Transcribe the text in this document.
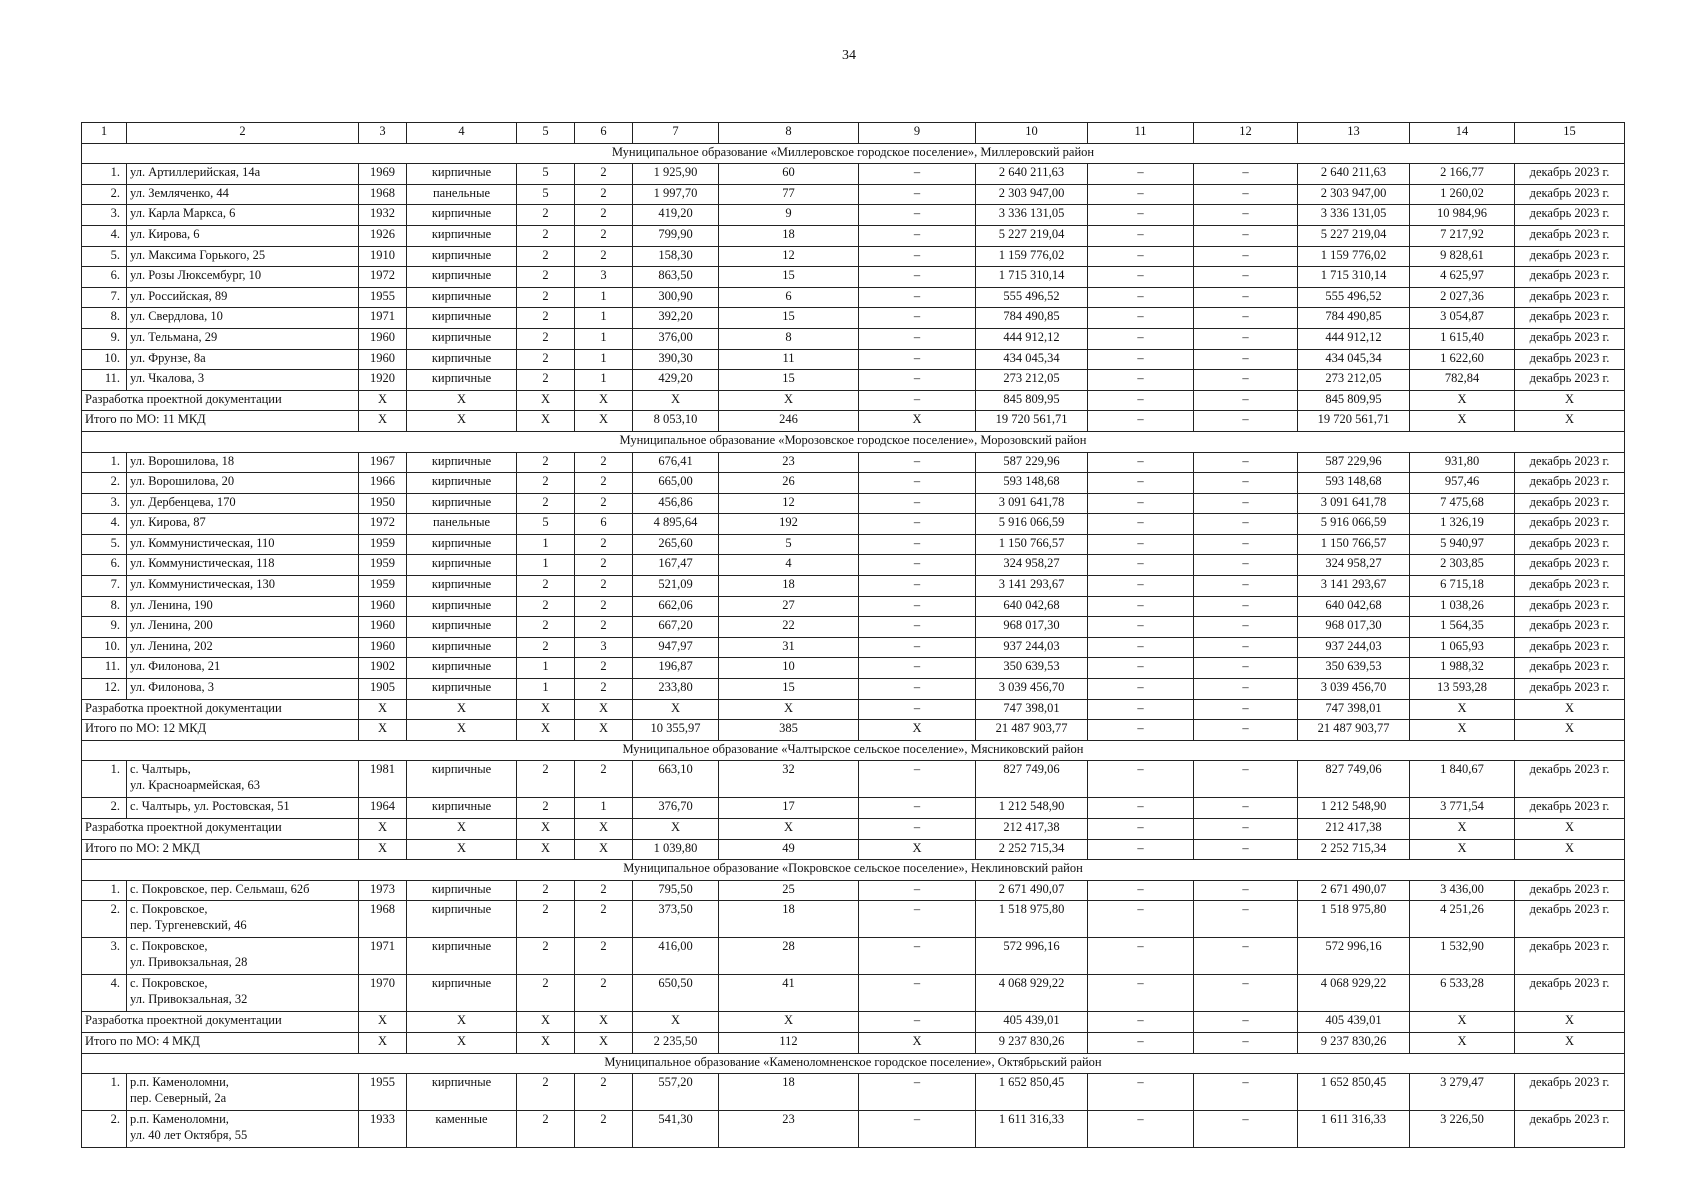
34
1	2	3	4	5	6	7	8	9	10	11	12	13	14	15
Муниципальное образование «Миллеровское городское поселение», Миллеровский район														
1.	ул. Артиллерийская, 14а	1969	кирпичные	5	2	1 925,90	60	–	2 640 211,63	–	–	2 640 211,63	2 166,77	декабрь 2023 г.
2.	ул. Земляченко, 44	1968	панельные	5	2	1 997,70	77	–	2 303 947,00	–	–	2 303 947,00	1 260,02	декабрь 2023 г.
3.	ул. Карла Маркса, 6	1932	кирпичные	2	2	419,20	9	–	3 336 131,05	–	–	3 336 131,05	10 984,96	декабрь 2023 г.
4.	ул. Кирова, 6	1926	кирпичные	2	2	799,90	18	–	5 227 219,04	–	–	5 227 219,04	7 217,92	декабрь 2023 г.
5.	ул. Максима Горького, 25	1910	кирпичные	2	2	158,30	12	–	1 159 776,02	–	–	1 159 776,02	9 828,61	декабрь 2023 г.
6.	ул. Розы Люксембург, 10	1972	кирпичные	2	3	863,50	15	–	1 715 310,14	–	–	1 715 310,14	4 625,97	декабрь 2023 г.
7.	ул. Российская, 89	1955	кирпичные	2	1	300,90	6	–	555 496,52	–	–	555 496,52	2 027,36	декабрь 2023 г.
8.	ул. Свердлова, 10	1971	кирпичные	2	1	392,20	15	–	784 490,85	–	–	784 490,85	3 054,87	декабрь 2023 г.
9.	ул. Тельмана, 29	1960	кирпичные	2	1	376,00	8	–	444 912,12	–	–	444 912,12	1 615,40	декабрь 2023 г.
10.	ул. Фрунзе, 8а	1960	кирпичные	2	1	390,30	11	–	434 045,34	–	–	434 045,34	1 622,60	декабрь 2023 г.
11.	ул. Чкалова, 3	1920	кирпичные	2	1	429,20	15	–	273 212,05	–	–	273 212,05	782,84	декабрь 2023 г.
Разработка проектной документации		Х	Х	Х	Х	Х	Х	–	845 809,95	–	–	845 809,95	Х	Х
Итого по МО: 11 МКД		Х	Х	Х	Х	8 053,10	246	Х	19 720 561,71	–	–	19 720 561,71	Х	Х
Муниципальное образование «Морозовское городское поселение», Морозовский район														
1.	ул. Ворошилова, 18	1967	кирпичные	2	2	676,41	23	–	587 229,96	–	–	587 229,96	931,80	декабрь 2023 г.
2.	ул. Ворошилова, 20	1966	кирпичные	2	2	665,00	26	–	593 148,68	–	–	593 148,68	957,46	декабрь 2023 г.
3.	ул. Дербенцева, 170	1950	кирпичные	2	2	456,86	12	–	3 091 641,78	–	–	3 091 641,78	7 475,68	декабрь 2023 г.
4.	ул. Кирова, 87	1972	панельные	5	6	4 895,64	192	–	5 916 066,59	–	–	5 916 066,59	1 326,19	декабрь 2023 г.
5.	ул. Коммунистическая, 110	1959	кирпичные	1	2	265,60	5	–	1 150 766,57	–	–	1 150 766,57	5 940,97	декабрь 2023 г.
6.	ул. Коммунистическая, 118	1959	кирпичные	1	2	167,47	4	–	324 958,27	–	–	324 958,27	2 303,85	декабрь 2023 г.
7.	ул. Коммунистическая, 130	1959	кирпичные	2	2	521,09	18	–	3 141 293,67	–	–	3 141 293,67	6 715,18	декабрь 2023 г.
8.	ул. Ленина, 190	1960	кирпичные	2	2	662,06	27	–	640 042,68	–	–	640 042,68	1 038,26	декабрь 2023 г.
9.	ул. Ленина, 200	1960	кирпичные	2	2	667,20	22	–	968 017,30	–	–	968 017,30	1 564,35	декабрь 2023 г.
10.	ул. Ленина, 202	1960	кирпичные	2	3	947,97	31	–	937 244,03	–	–	937 244,03	1 065,93	декабрь 2023 г.
11.	ул. Филонова, 21	1902	кирпичные	1	2	196,87	10	–	350 639,53	–	–	350 639,53	1 988,32	декабрь 2023 г.
12.	ул. Филонова, 3	1905	кирпичные	1	2	233,80	15	–	3 039 456,70	–	–	3 039 456,70	13 593,28	декабрь 2023 г.
Разработка проектной документации		Х	Х	Х	Х	Х	Х	–	747 398,01	–	–	747 398,01	Х	Х
Итого по МО: 12 МКД		Х	Х	Х	Х	10 355,97	385	Х	21 487 903,77	–	–	21 487 903,77	Х	Х
Муниципальное образование «Чалтырское сельское поселение», Мясниковский район														
1.	с. Чалтырь,
ул. Красноармейская, 63	1981	кирпичные	2	2	663,10	32	–	827 749,06	–	–	827 749,06	1 840,67	декабрь 2023 г.
2.	с. Чалтырь, ул. Ростовская, 51	1964	кирпичные	2	1	376,70	17	–	1 212 548,90	–	–	1 212 548,90	3 771,54	декабрь 2023 г.
Разработка проектной документации		Х	Х	Х	Х	Х	Х	–	212 417,38	–	–	212 417,38	Х	Х
Итого по МО: 2 МКД		Х	Х	Х	Х	1 039,80	49	Х	2 252 715,34	–	–	2 252 715,34	Х	Х
Муниципальное образование «Покровское сельское поселение», Неклиновский район														
1.	с. Покровское, пер. Сельмаш, 62б	1973	кирпичные	2	2	795,50	25	–	2 671 490,07	–	–	2 671 490,07	3 436,00	декабрь 2023 г.
2.	с. Покровское,
пер. Тургеневский, 46	1968	кирпичные	2	2	373,50	18	–	1 518 975,80	–	–	1 518 975,80	4 251,26	декабрь 2023 г.
3.	с. Покровское,
ул. Привокзальная, 28	1971	кирпичные	2	2	416,00	28	–	572 996,16	–	–	572 996,16	1 532,90	декабрь 2023 г.
4.	с. Покровское,
ул. Привокзальная, 32	1970	кирпичные	2	2	650,50	41	–	4 068 929,22	–	–	4 068 929,22	6 533,28	декабрь 2023 г.
Разработка проектной документации		Х	Х	Х	Х	Х	Х	–	405 439,01	–	–	405 439,01	Х	Х
Итого по МО: 4 МКД		Х	Х	Х	Х	2 235,50	112	Х	9 237 830,26	–	–	9 237 830,26	Х	Х
Муниципальное образование «Каменоломненское городское поселение», Октябрьский район														
1.	р.п. Каменоломни,
пер. Северный, 2а	1955	кирпичные	2	2	557,20	18	–	1 652 850,45	–	–	1 652 850,45	3 279,47	декабрь 2023 г.
2.	р.п. Каменоломни,
ул. 40 лет Октября, 55	1933	каменные	2	2	541,30	23	–	1 611 316,33	–	–	1 611 316,33	3 226,50	декабрь 2023 г.
